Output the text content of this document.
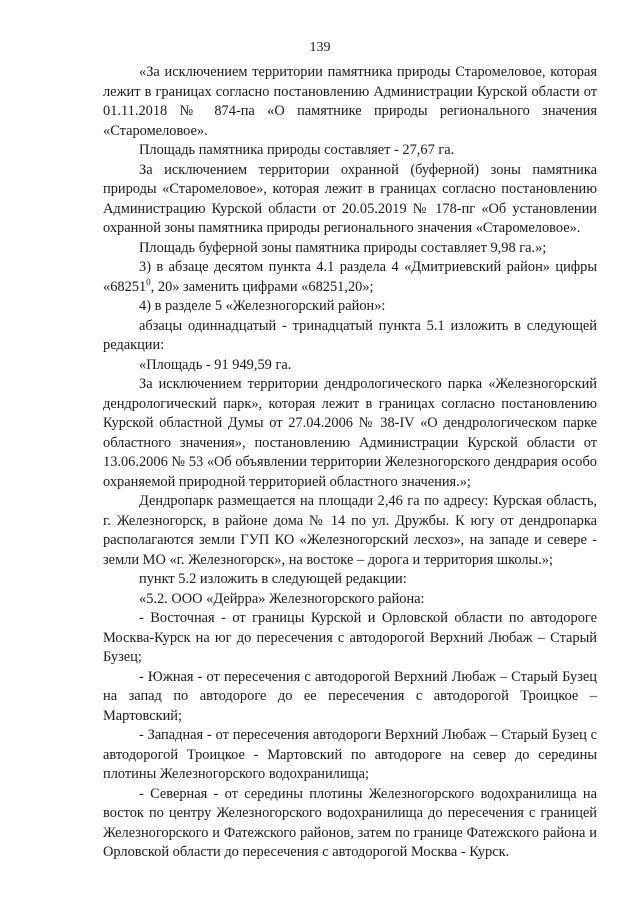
139

«За исключением территории памятника природы Старомеловое, которая лежит в границах согласно постановлению Администрации Курской области от 01.11.2018 № 874-па «О памятнике природы регионального значения «Старомеловое».

Площадь памятника природы составляет - 27,67 га.

За исключением территории охранной (буферной) зоны памятника природы «Старомеловое», которая лежит в границах согласно постановлению Администрацию Курской области от 20.05.2019 № 178-пг «Об установлении охранной зоны памятника природы регионального значения «Старомеловое».

Площадь буферной зоны памятника природы составляет 9,98 га.»;

3) в абзаце десятом пункта 4.1 раздела 4 «Дмитриевский район» цифры «68251$^0$, 20» заменить цифрами «68251,20»;

4) в разделе 5 «Железногорский район»:

абзацы одиннадцатый - тринадцатый пункта 5.1 изложить в следующей редакции:

«Площадь - 91 949,59 га.

За исключением территории дендрологического парка «Железногорский дендрологический парк», которая лежит в границах согласно постановлению Курской областной Думы от 27.04.2006 № 38-IV «О дендрологическом парке областного значения», постановлению Администрации Курской области от 13.06.2006 № 53 «Об объявлении территории Железногорского дендрария особо охраняемой природной территорией областного значения.»;

Дендропарк размещается на площади 2,46 га по адресу: Курская область, г. Железногорск, в районе дома № 14 по ул. Дружбы. К югу от дендропарка располагаются земли ГУП КО «Железногорский лесхоз», на западе и севере - земли МО «г. Железногорск», на востоке – дорога и территория школы.»;

пункт 5.2 изложить в следующей редакции:

«5.2. ООО «Дейрра» Железногорского района:

- Восточная - от границы Курской и Орловской области по автодороге Москва-Курск на юг до пересечения с автодорогой Верхний Любаж – Старый Бузец;

- Южная - от пересечения с автодорогой Верхний Любаж – Старый Бузец на запад по автодороге до ее пересечения с автодорогой Троицкое – Мартовский;

- Западная - от пересечения автодороги Верхний Любаж – Старый Бузец с автодорогой Троицкое - Мартовский по автодороге на север до середины плотины Железногорского водохранилища;

- Северная - от середины плотины Железногорского водохранилища на восток по центру Железногорского водохранилища до пересечения с границей Железногорского и Фатежского районов, затем по границе Фатежского района и Орловской области до пересечения с автодорогой Москва - Курск.
